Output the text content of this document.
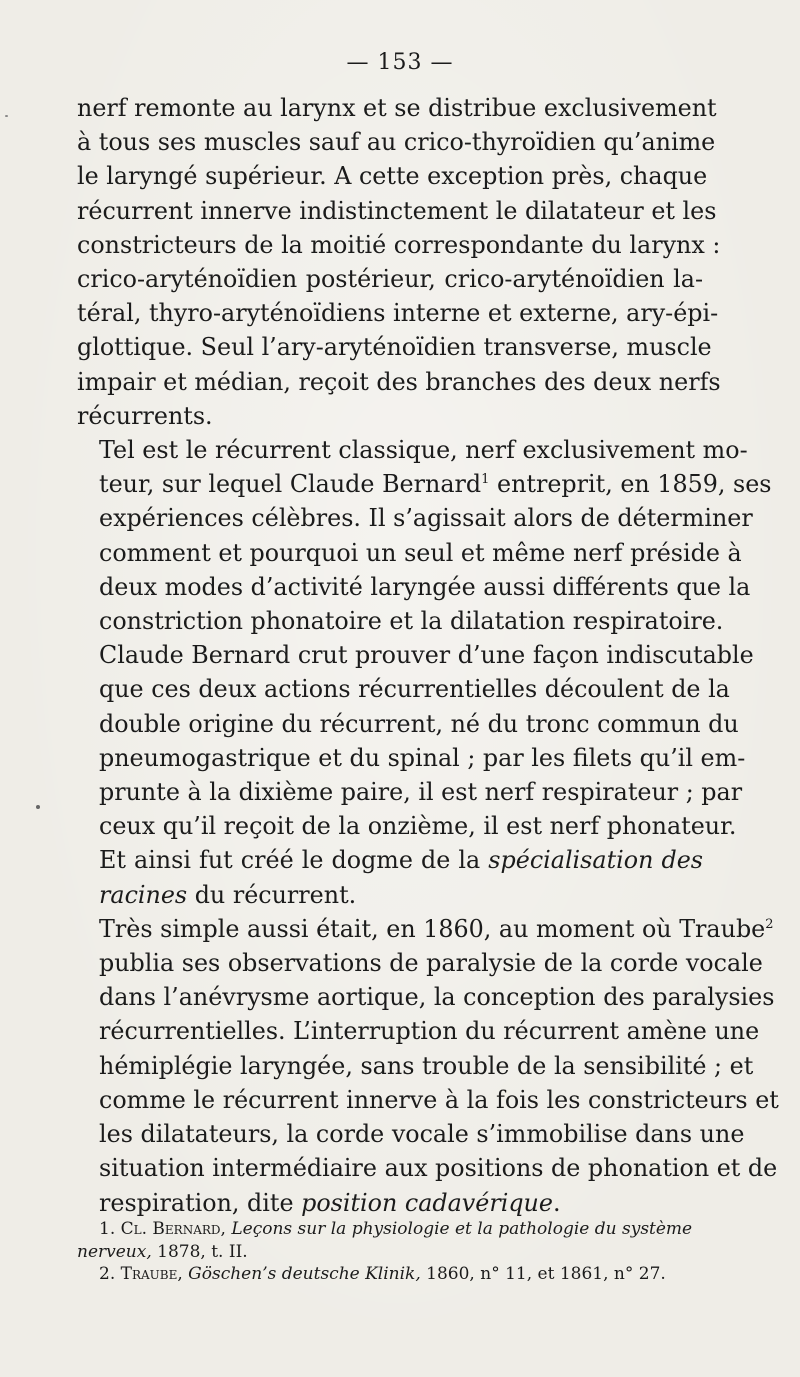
— 153 —

nerf remonte au larynx et se distribue exclusivement
à tous ses muscles sauf au crico-thyroïdien qu’anime
le laryngé supérieur. A cette exception près, chaque
récurrent innerve indistinctement le dilatateur et les
constricteurs de la moitié correspondante du larynx :
crico-aryténoïdien postérieur, crico-aryténoïdien la-
téral, thyro-aryténoïdiens interne et externe, ary-épi-
glottique. Seul l’ary-aryténoïdien transverse, muscle
impair et médian, reçoit des branches des deux nerfs
récurrents.

Tel est le récurrent classique, nerf exclusivement mo-
teur, sur lequel Claude Bernard$^1$ entreprit, en 1859, ses
expériences célèbres. Il s’agissait alors de déterminer
comment et pourquoi un seul et même nerf préside à
deux modes d’activité laryngée aussi différents que la
constriction phonatoire et la dilatation respiratoire.
Claude Bernard crut prouver d’une façon indiscutable
que ces deux actions récurrentielles découlent de la
double origine du récurrent, né du tronc commun du
pneumogastrique et du spinal ; par les filets qu’il em-
prunte à la dixième paire, il est nerf respirateur ; par
ceux qu’il reçoit de la onzième, il est nerf phonateur.
Et ainsi fut créé le dogme de la spécialisation des
racines du récurrent.

Très simple aussi était, en 1860, au moment où Traube$^2$
publia ses observations de paralysie de la corde vocale
dans l’anévrysme aortique, la conception des paralysies
récurrentielles. L’interruption du récurrent amène une
hémiplégie laryngée, sans trouble de la sensibilité ; et
comme le récurrent innerve à la fois les constricteurs et
les dilatateurs, la corde vocale s’immobilise dans une
situation intermédiaire aux positions de phonation et de
respiration, dite position cadavérique.

1. Cl. Bernard, Leçons sur la physiologie et la pathologie du système
nerveux, 1878, t. II.

2. Traube, Göschen’s deutsche Klinik, 1860, n° 11, et 1861, n° 27.
